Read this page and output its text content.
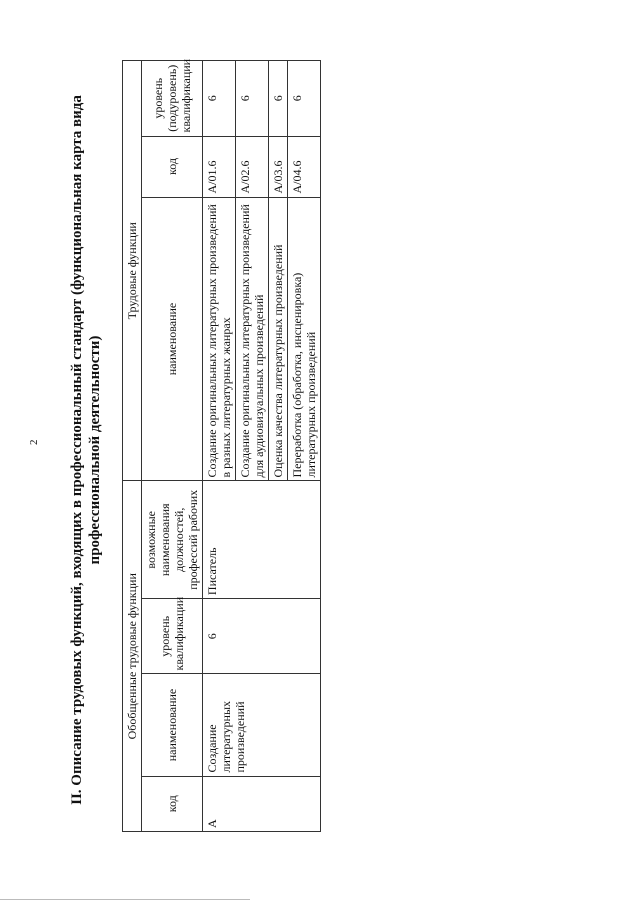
2 II. Описание трудовых функций, входящих в профессиональный стандарт (функциональная карта вида профессиональной деятельности)
Обобщенные трудовые функции				Трудовые функции		
код	наименование	уровень квалификации	возможные наименования должностей, профессий рабочих	наименование	код	уровень (подуровень) квалификации
A	Создание литературных произведений	6	Писатель	Создание оригинальных литературных произведений в разных литературных жанрах	A/01.6	6
				Создание оригинальных литературных произведений для аудиовизуальных произведений	A/02.6	6
				Оценка качества литературных произведений	A/03.6	6
				Переработка (обработка, инсценировка) литературных произведений	A/04.6	6
